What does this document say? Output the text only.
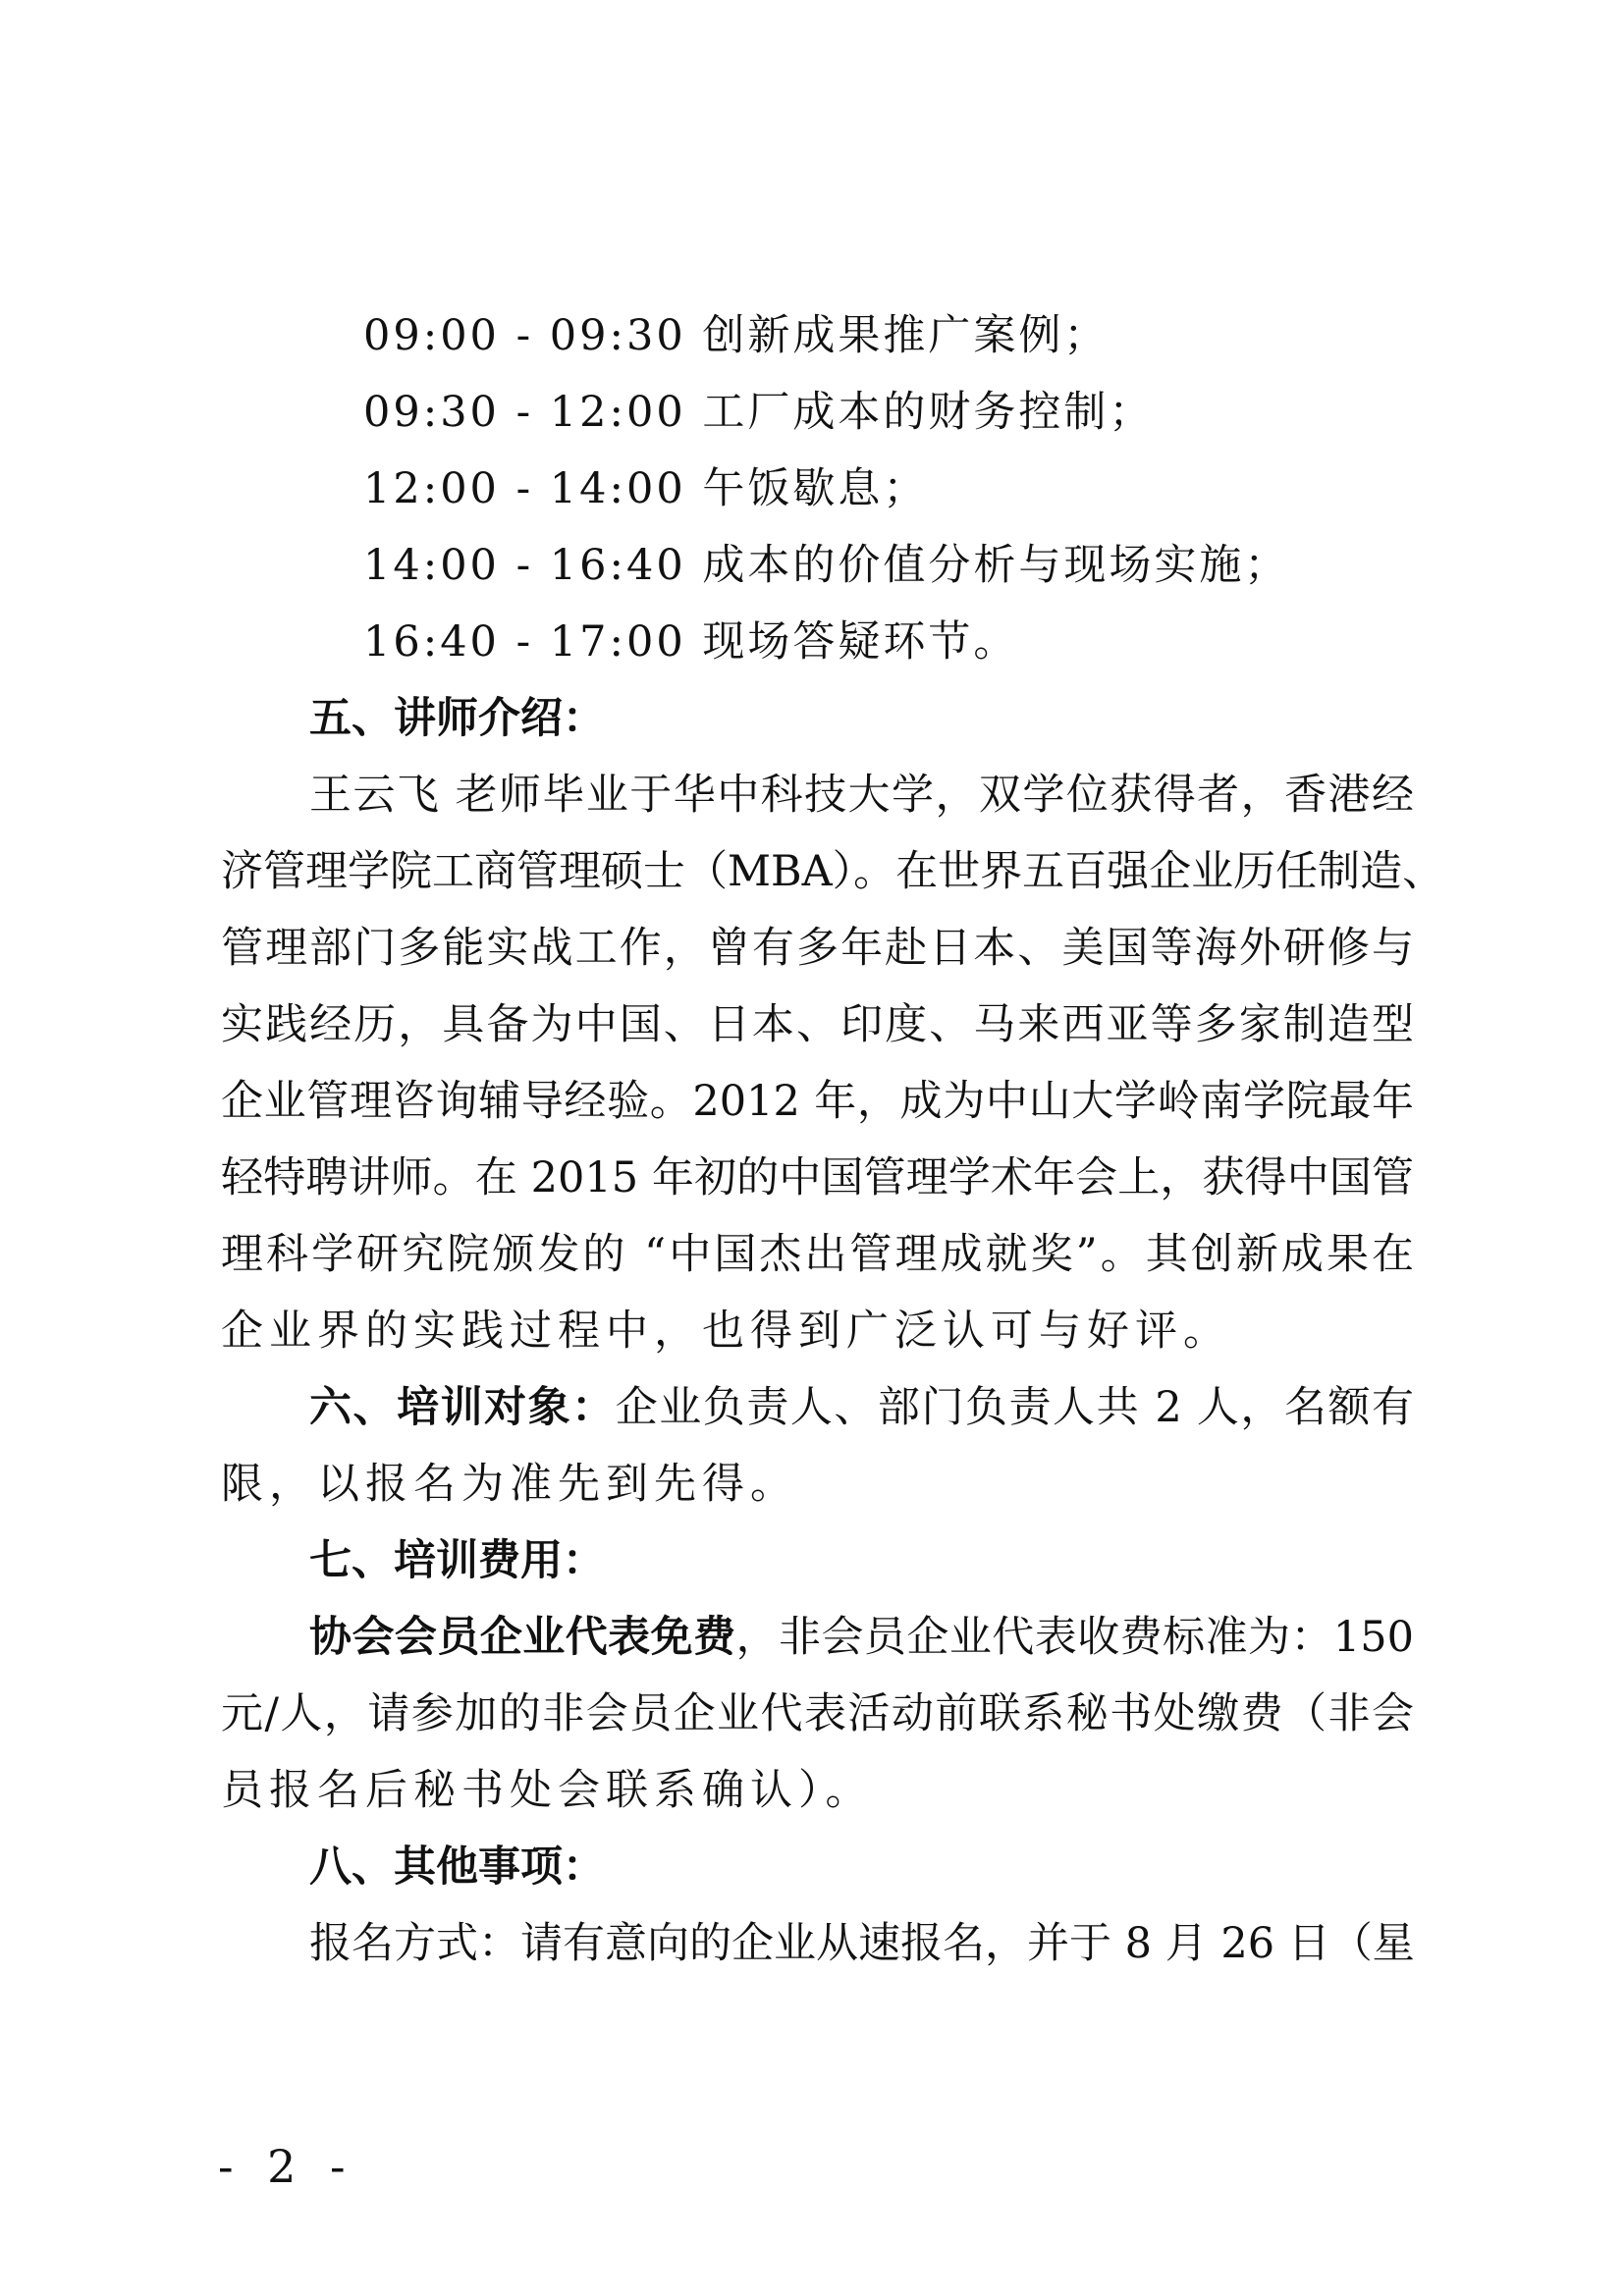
09:00 - 09:30 创新成果推广案例；
09:30 - 12:00 工厂成本的财务控制；
12:00 - 14:00 午饭歇息；
14:00 - 16:40 成本的价值分析与现场实施；
16:40 - 17:00 现场答疑环节。
五、讲师介绍：
王云飞 老师毕业于华中科技大学，双学位获得者，香港经
济管理学院工商管理硕士（MBA）。在世界五百强企业历任制造、
管理部门多能实战工作，曾有多年赴日本、美国等海外研修与
实践经历，具备为中国、日本、印度、马来西亚等多家制造型
企业管理咨询辅导经验。2012 年，成为中山大学岭南学院最年
轻特聘讲师。在 2015 年初的中国管理学术年会上，获得中国管
理科学研究院颁发的 “中国杰出管理成就奖”。其创新成果在
企业界的实践过程中，也得到广泛认可与好评。
六、培训对象：企业负责人、部门负责人共 2 人，名额有
限，以报名为准先到先得。
七、培训费用：
协会会员企业代表免费，非会员企业代表收费标准为：150
元/人，请参加的非会员企业代表活动前联系秘书处缴费（非会
员报名后秘书处会联系确认）。
八、其他事项：
报名方式：请有意向的企业从速报名，并于 8 月 26 日（星
- 2 -
